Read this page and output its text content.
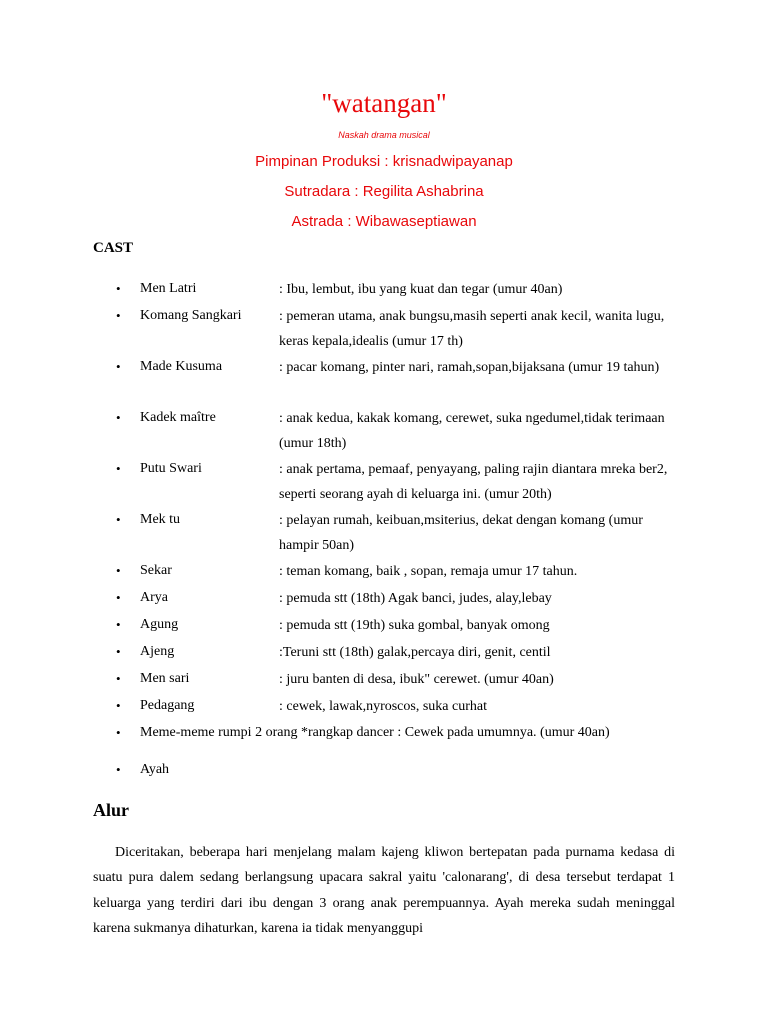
"watangan"
Naskah drama musical
Pimpinan Produksi : krisnadwipayanap
Sutradara : Regilita Ashabrina
Astrada : Wibawaseptiawan
CAST
• Men Latri	: Ibu, lembut, ibu yang kuat dan tegar (umur 40an)
• Komang Sangkari	: pemeran utama, anak bungsu,masih seperti anak kecil, wanita lugu, keras kepala,idealis (umur 17 th)
• Made Kusuma	: pacar komang, pinter nari, ramah,sopan,bijaksana (umur 19 tahun)
• Kadek maître	: anak kedua, kakak komang, cerewet, suka ngedumel,tidak terimaan (umur 18th)
• Putu Swari	: anak pertama, pemaaf, penyayang, paling rajin diantara mreka ber2, seperti seorang ayah di keluarga ini. (umur 20th)
• Mek tu	: pelayan rumah, keibuan,msiterius, dekat dengan komang (umur hampir 50an)
• Sekar	: teman komang, baik , sopan, remaja umur 17 tahun.
• Arya	: pemuda stt (18th) Agak banci, judes, alay,lebay
• Agung	: pemuda stt (19th) suka gombal, banyak omong
• Ajeng	:Teruni stt (18th) galak,percaya diri, genit, centil
• Men sari	: juru banten di desa, ibuk" cerewet. (umur 40an)
• Pedagang	: cewek, lawak,nyroscos, suka curhat
• Meme-meme rumpi 2 orang *rangkap dancer : Cewek pada umumnya. (umur 40an)
• Ayah
Alur
Diceritakan, beberapa hari menjelang malam kajeng kliwon bertepatan pada purnama kedasa di suatu pura dalem sedang berlangsung upacara sakral yaitu 'calonarang', di desa tersebut terdapat 1 keluarga yang terdiri dari ibu dengan 3 orang anak perempuannya. Ayah mereka sudah meninggal karena sukmanya dihaturkan, karena ia tidak menyanggupi
